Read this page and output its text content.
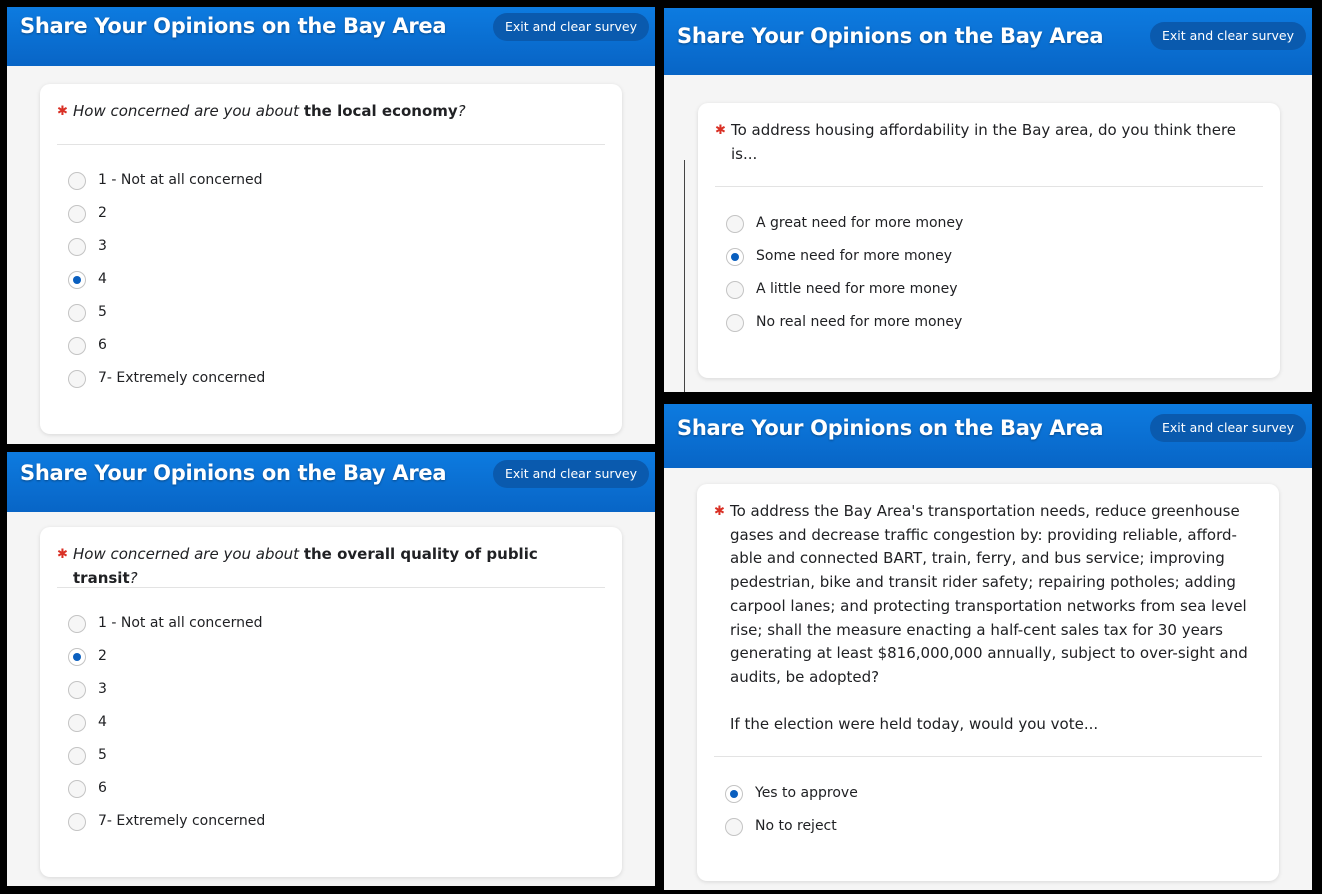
Share Your Opinions on the Bay Area	Exit and clear survey
✱ How concerned are you about the local economy?
1 - Not at all concerned
2
3
4
5
6
7- Extremely concerned
Share Your Opinions on the Bay Area	Exit and clear survey
✱ To address housing affordability in the Bay area, do you think there is...
A great need for more money
Some need for more money
A little need for more money
No real need for more money
Share Your Opinions on the Bay Area	Exit and clear survey
✱ How concerned are you about the overall quality of public transit?
1 - Not at all concerned
2
3
4
5
6
7- Extremely concerned
Share Your Opinions on the Bay Area	Exit and clear survey
✱ To address the Bay Area's transportation needs, reduce greenhouse gases and decrease traffic congestion by: providing reliable, afford-able and connected BART, train, ferry, and bus service; improving pedestrian, bike and transit rider safety; repairing potholes; adding carpool lanes; and protecting transportation networks from sea level rise; shall the measure enacting a half-cent sales tax for 30 years generating at least $816,000,000 annually, subject to over-sight and audits, be adopted?
If the election were held today, would you vote...
Yes to approve
No to reject
